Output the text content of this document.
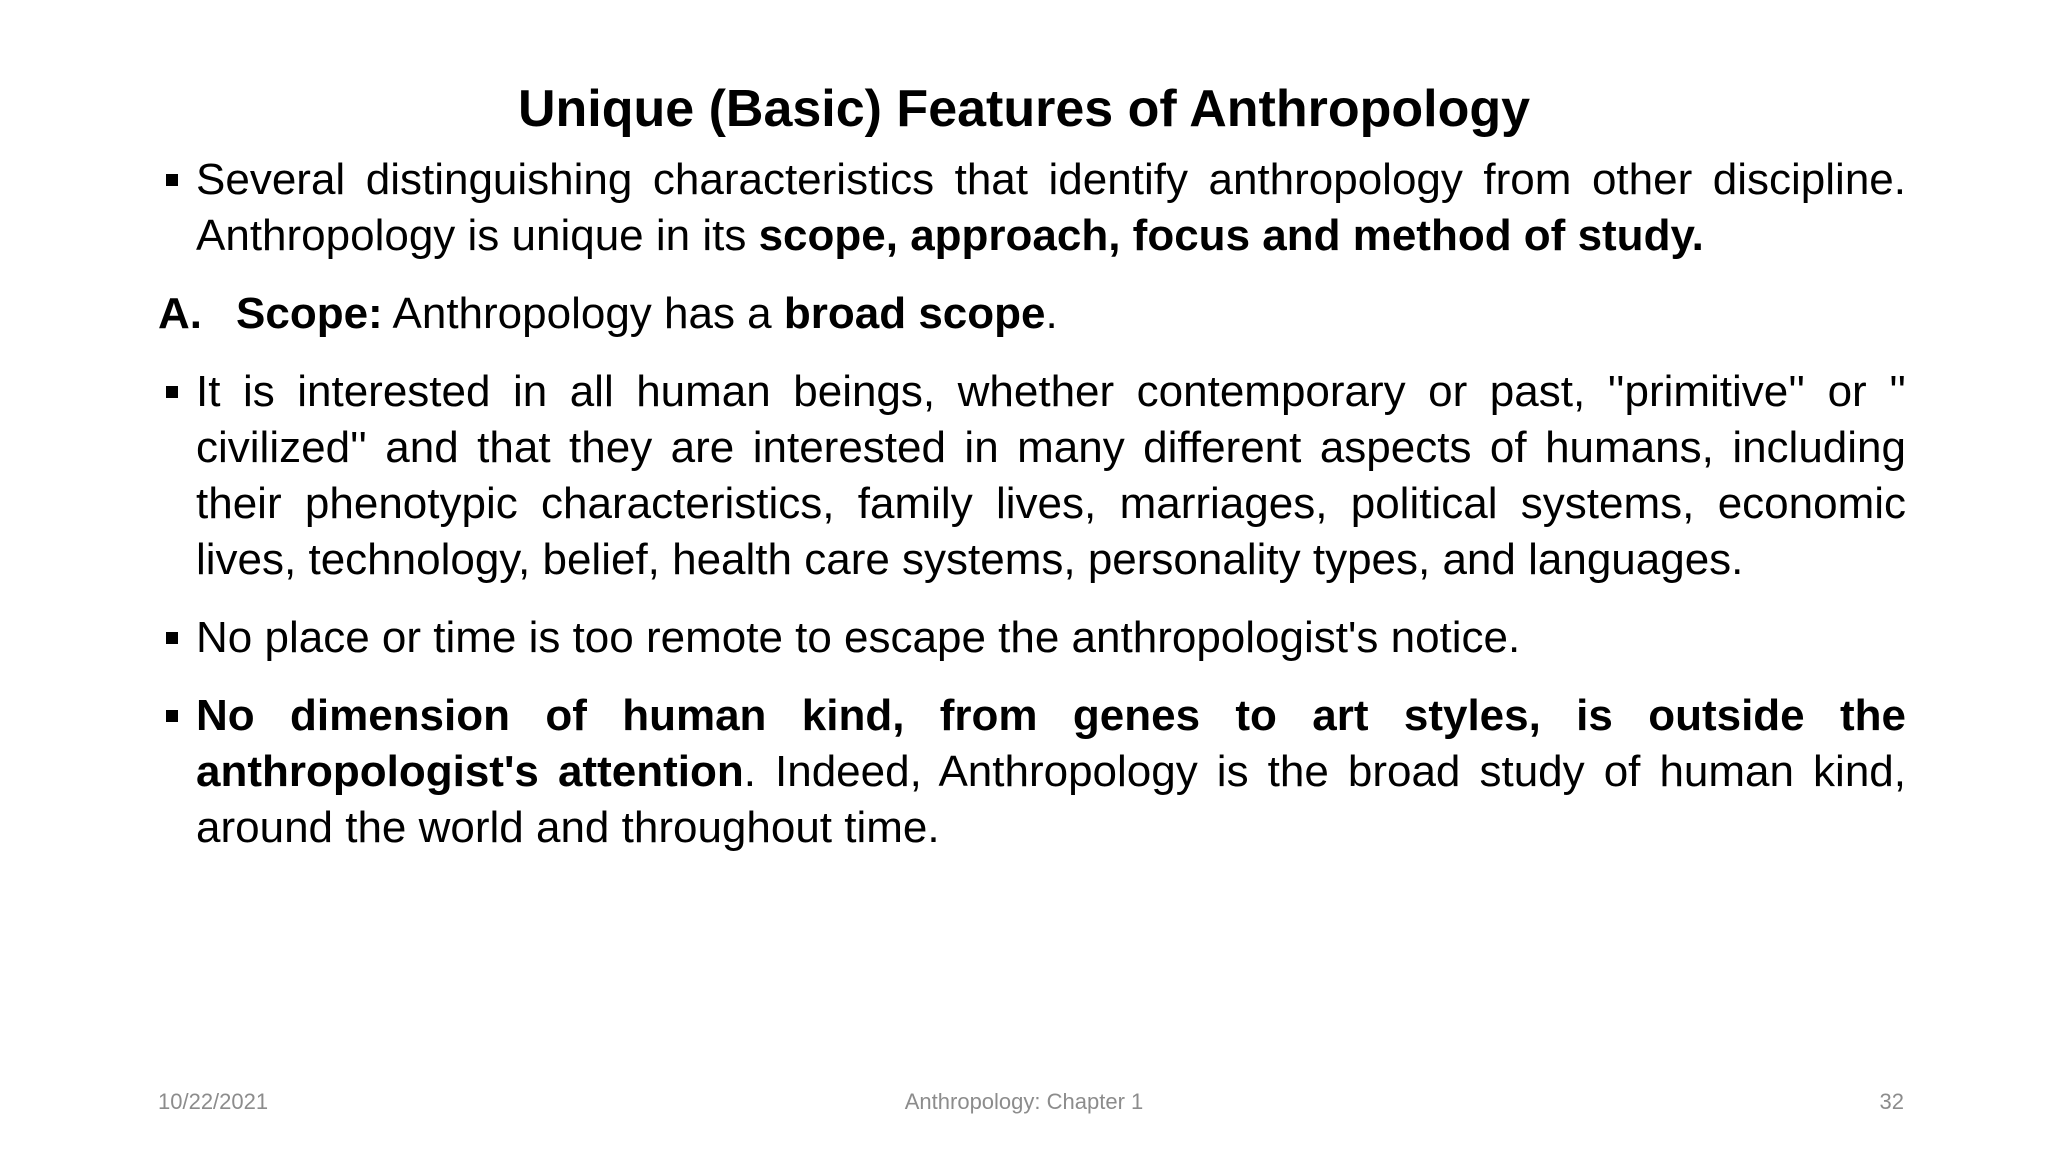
Unique (Basic) Features of Anthropology

Several distinguishing characteristics that identify anthropology from other discipline. Anthropology is unique in its scope, approach, focus and method of study.

A. Scope: Anthropology has a broad scope.

It is interested in all human beings, whether contemporary or past, ''primitive'' or '' civilized'' and that they are interested in many different aspects of humans, including their phenotypic characteristics, family lives, marriages, political systems, economic lives, technology, belief, health care systems, personality types, and languages.

No place or time is too remote to escape the anthropologist's notice.

No dimension of human kind, from genes to art styles, is outside the anthropologist's attention. Indeed, Anthropology is the broad study of human kind, around the world and throughout time.

10/22/2021	Anthropology: Chapter 1	32
